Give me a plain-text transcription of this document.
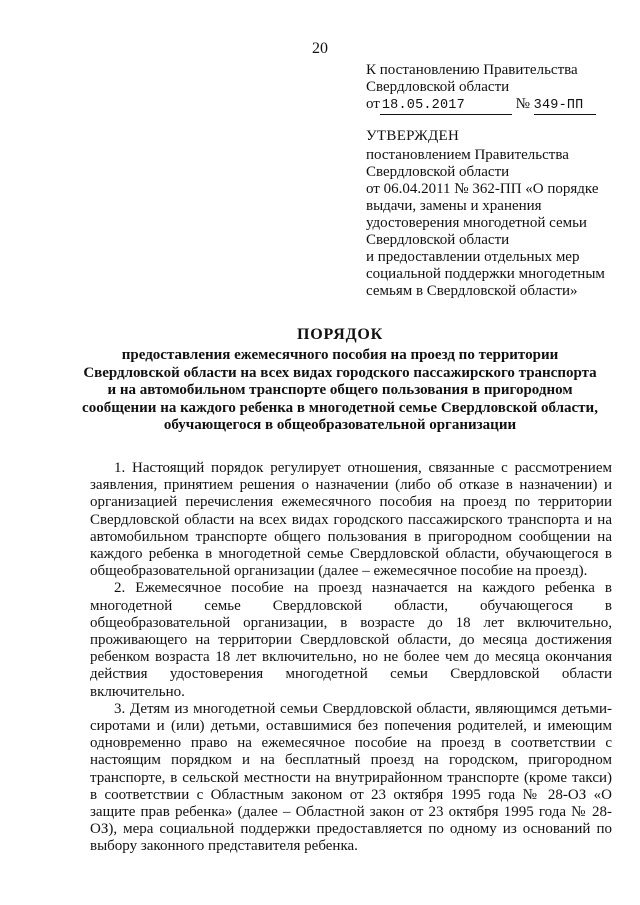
20
К постановлению Правительства
Свердловской области
от 18.05.2017	№ 349-ПП
УТВЕРЖДЕН
постановлением Правительства
Свердловской области
от 06.04.2011 № 362-ПП «О порядке
выдачи, замены и хранения
удостоверения многодетной семьи
Свердловской области
и предоставлении отдельных мер
социальной поддержки многодетным
семьям в Свердловской области»
ПОРЯДОК
предоставления ежемесячного пособия на проезд по территории
Свердловской области на всех видах городского пассажирского транспорта
и на автомобильном транспорте общего пользования в пригородном
сообщении на каждого ребенка в многодетной семье Свердловской области,
обучающегося в общеобразовательной организации

1. Настоящий порядок регулирует отношения, связанные с рассмотрением заявления, принятием решения о назначении (либо об отказе в назначении) и организацией перечисления ежемесячного пособия на проезд по территории Свердловской области на всех видах городского пассажирского транспорта и на автомобильном транспорте общего пользования в пригородном сообщении на каждого ребенка в многодетной семье Свердловской области, обучающегося в общеобразовательной организации (далее – ежемесячное пособие на проезд).

2. Ежемесячное пособие на проезд назначается на каждого ребенка в многодетной семье Свердловской области, обучающегося в общеобразовательной организации, в возрасте до 18 лет включительно, проживающего на территории Свердловской области, до месяца достижения ребенком возраста 18 лет включительно, но не более чем до месяца окончания действия удостоверения многодетной семьи Свердловской области включительно.

3. Детям из многодетной семьи Свердловской области, являющимся детьми-сиротами и (или) детьми, оставшимися без попечения родителей, и имеющим одновременно право на ежемесячное пособие на проезд в соответствии с настоящим порядком и на бесплатный проезд на городском, пригородном транспорте, в сельской местности на внутрирайонном транспорте (кроме такси) в соответствии с Областным законом от 23 октября 1995 года № 28-ОЗ «О защите прав ребенка» (далее – Областной закон от 23 октября 1995 года № 28-ОЗ), мера социальной поддержки предоставляется по одному из оснований по выбору законного представителя ребенка.
